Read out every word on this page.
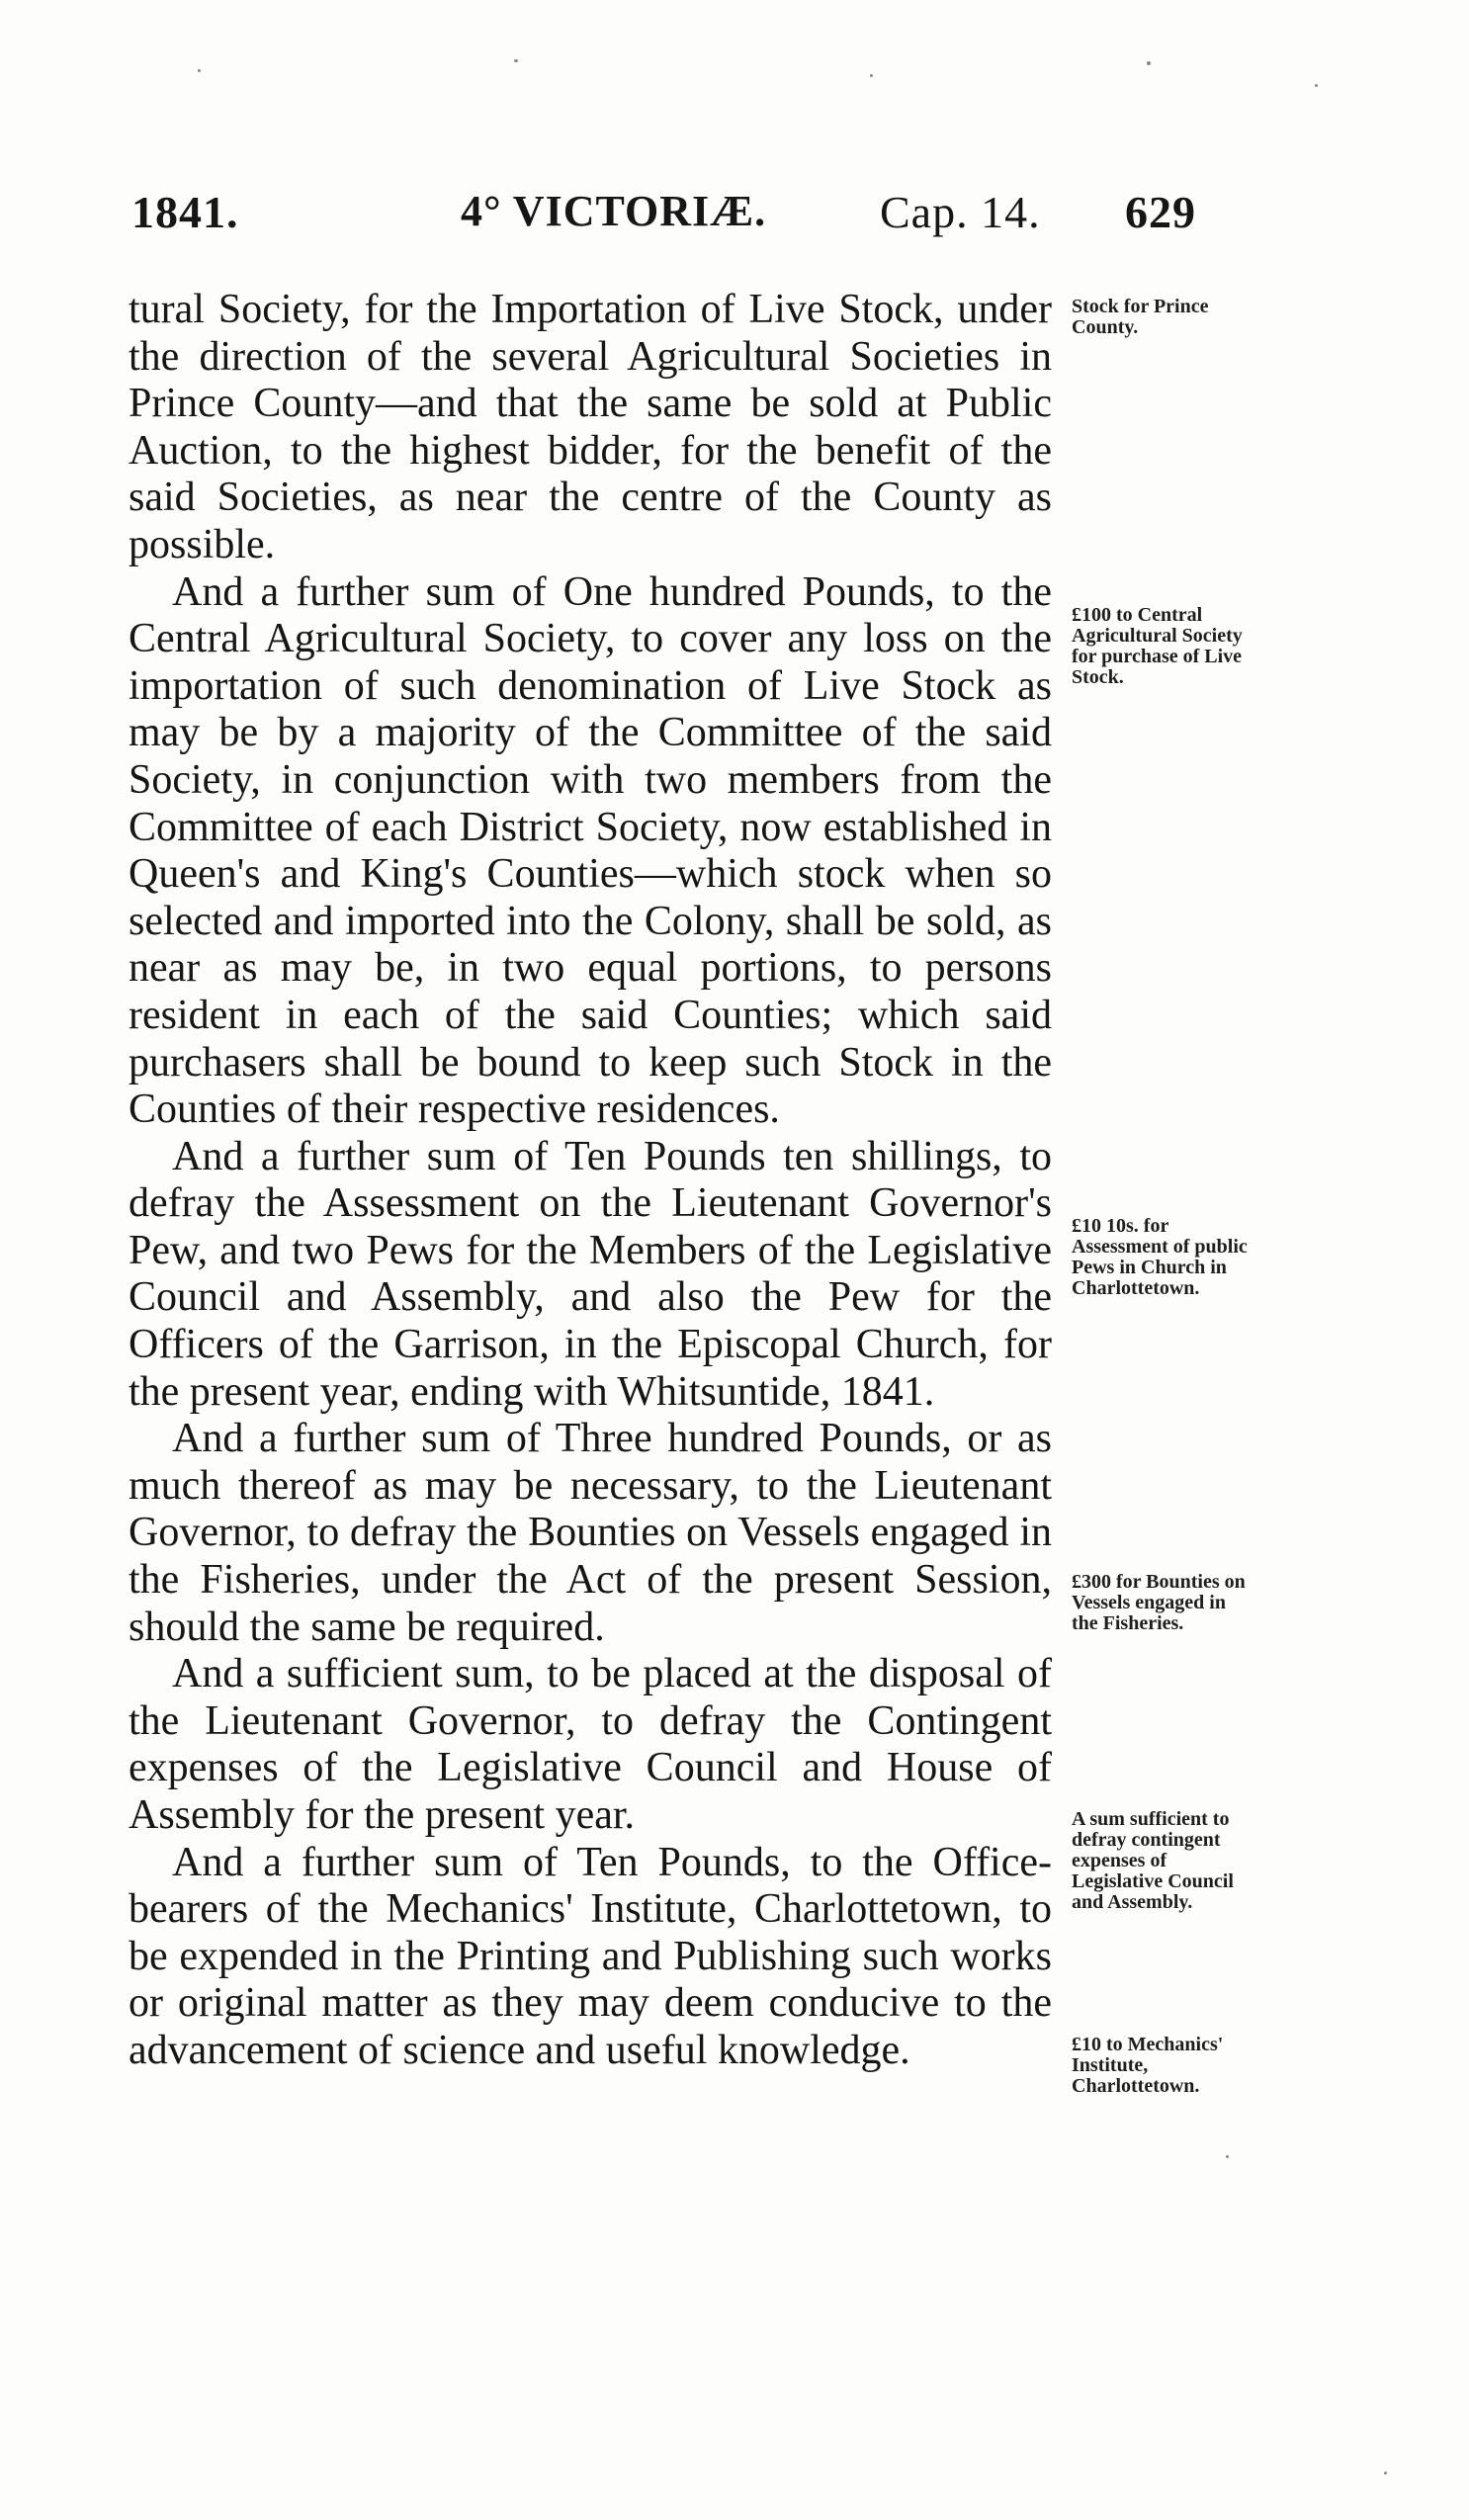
1841.	4° VICTORIÆ. Cap. 14. 629

tural Society, for the Importation of Live Stock, under the direction of the several Agricultural Societies in Prince County—and that the same be sold at Public Auction, to the highest bidder, for the benefit of the said Societies, as near the centre of the County as possible.

And a further sum of One hundred Pounds, to the Central Agricultural Society, to cover any loss on the importation of such denomination of Live Stock as may be by a majority of the Committee of the said Society, in conjunction with two members from the Committee of each District Society, now established in Queen's and King's Counties—which stock when so selected and imported into the Colony, shall be sold, as near as may be, in two equal portions, to persons resident in each of the said Counties; which said purchasers shall be bound to keep such Stock in the Counties of their respective residences.

And a further sum of Ten Pounds ten shillings, to defray the Assessment on the Lieutenant Governor's Pew, and two Pews for the Members of the Legislative Council and Assembly, and also the Pew for the Officers of the Garrison, in the Episcopal Church, for the present year, ending with Whitsuntide, 1841.

And a further sum of Three hundred Pounds, or as much thereof as may be necessary, to the Lieutenant Governor, to defray the Bounties on Vessels engaged in the Fisheries, under the Act of the present Session, should the same be required.

And a sufficient sum, to be placed at the disposal of the Lieutenant Governor, to defray the Contingent expenses of the Legislative Council and House of Assembly for the present year.

And a further sum of Ten Pounds, to the Office-bearers of the Mechanics' Institute, Charlottetown, to be expended in the Printing and Publishing such works or original matter as they may deem conducive to the advancement of science and useful knowledge.

Stock for Prince County.
£100 to Central Agricultural Society for purchase of Live Stock.
£10 10s. for Assessment of public Pews in Church in Charlottetown.
£300 for Bounties on Vessels engaged in the Fisheries.
A sum sufficient to defray contingent expenses of Legislative Council and Assembly.
£10 to Mechanics' Institute, Charlottetown.
